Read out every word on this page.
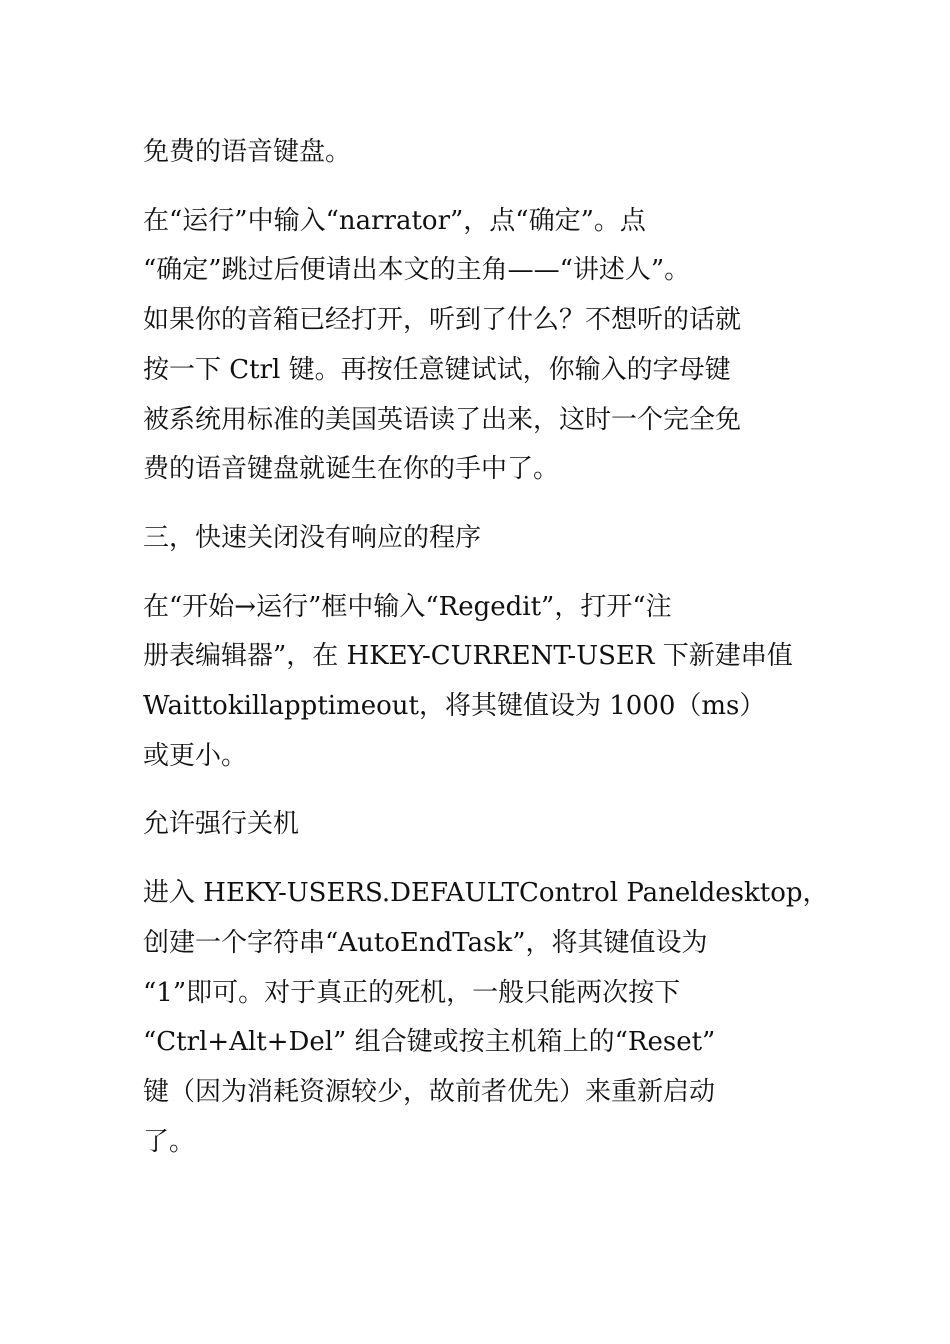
免费的语音键盘。

在“运行”中输入“narrator”，点“确定”。点
“确定”跳过后便请出本文的主角——“讲述人”。
如果你的音箱已经打开，听到了什么？不想听的话就
按一下 Ctrl 键。再按任意键试试，你输入的字母键
被系统用标准的美国英语读了出来，这时一个完全免
费的语音键盘就诞生在你的手中了。

三，快速关闭没有响应的程序

在“开始→运行”框中输入“Regedit”，打开“注
册表编辑器”，在 HKEY-CURRENT-USER 下新建串值
Waittokillapptimeout，将其键值设为 1000（ms）
或更小。

允许强行关机

进入 HEKY-USERS.DEFAULTControl Paneldesktop，
创建一个字符串“AutoEndTask”，将其键值设为
“1”即可。对于真正的死机，一般只能两次按下
“Ctrl+Alt+Del” 组合键或按主机箱上的“Reset”
键（因为消耗资源较少，故前者优先）来重新启动
了。
